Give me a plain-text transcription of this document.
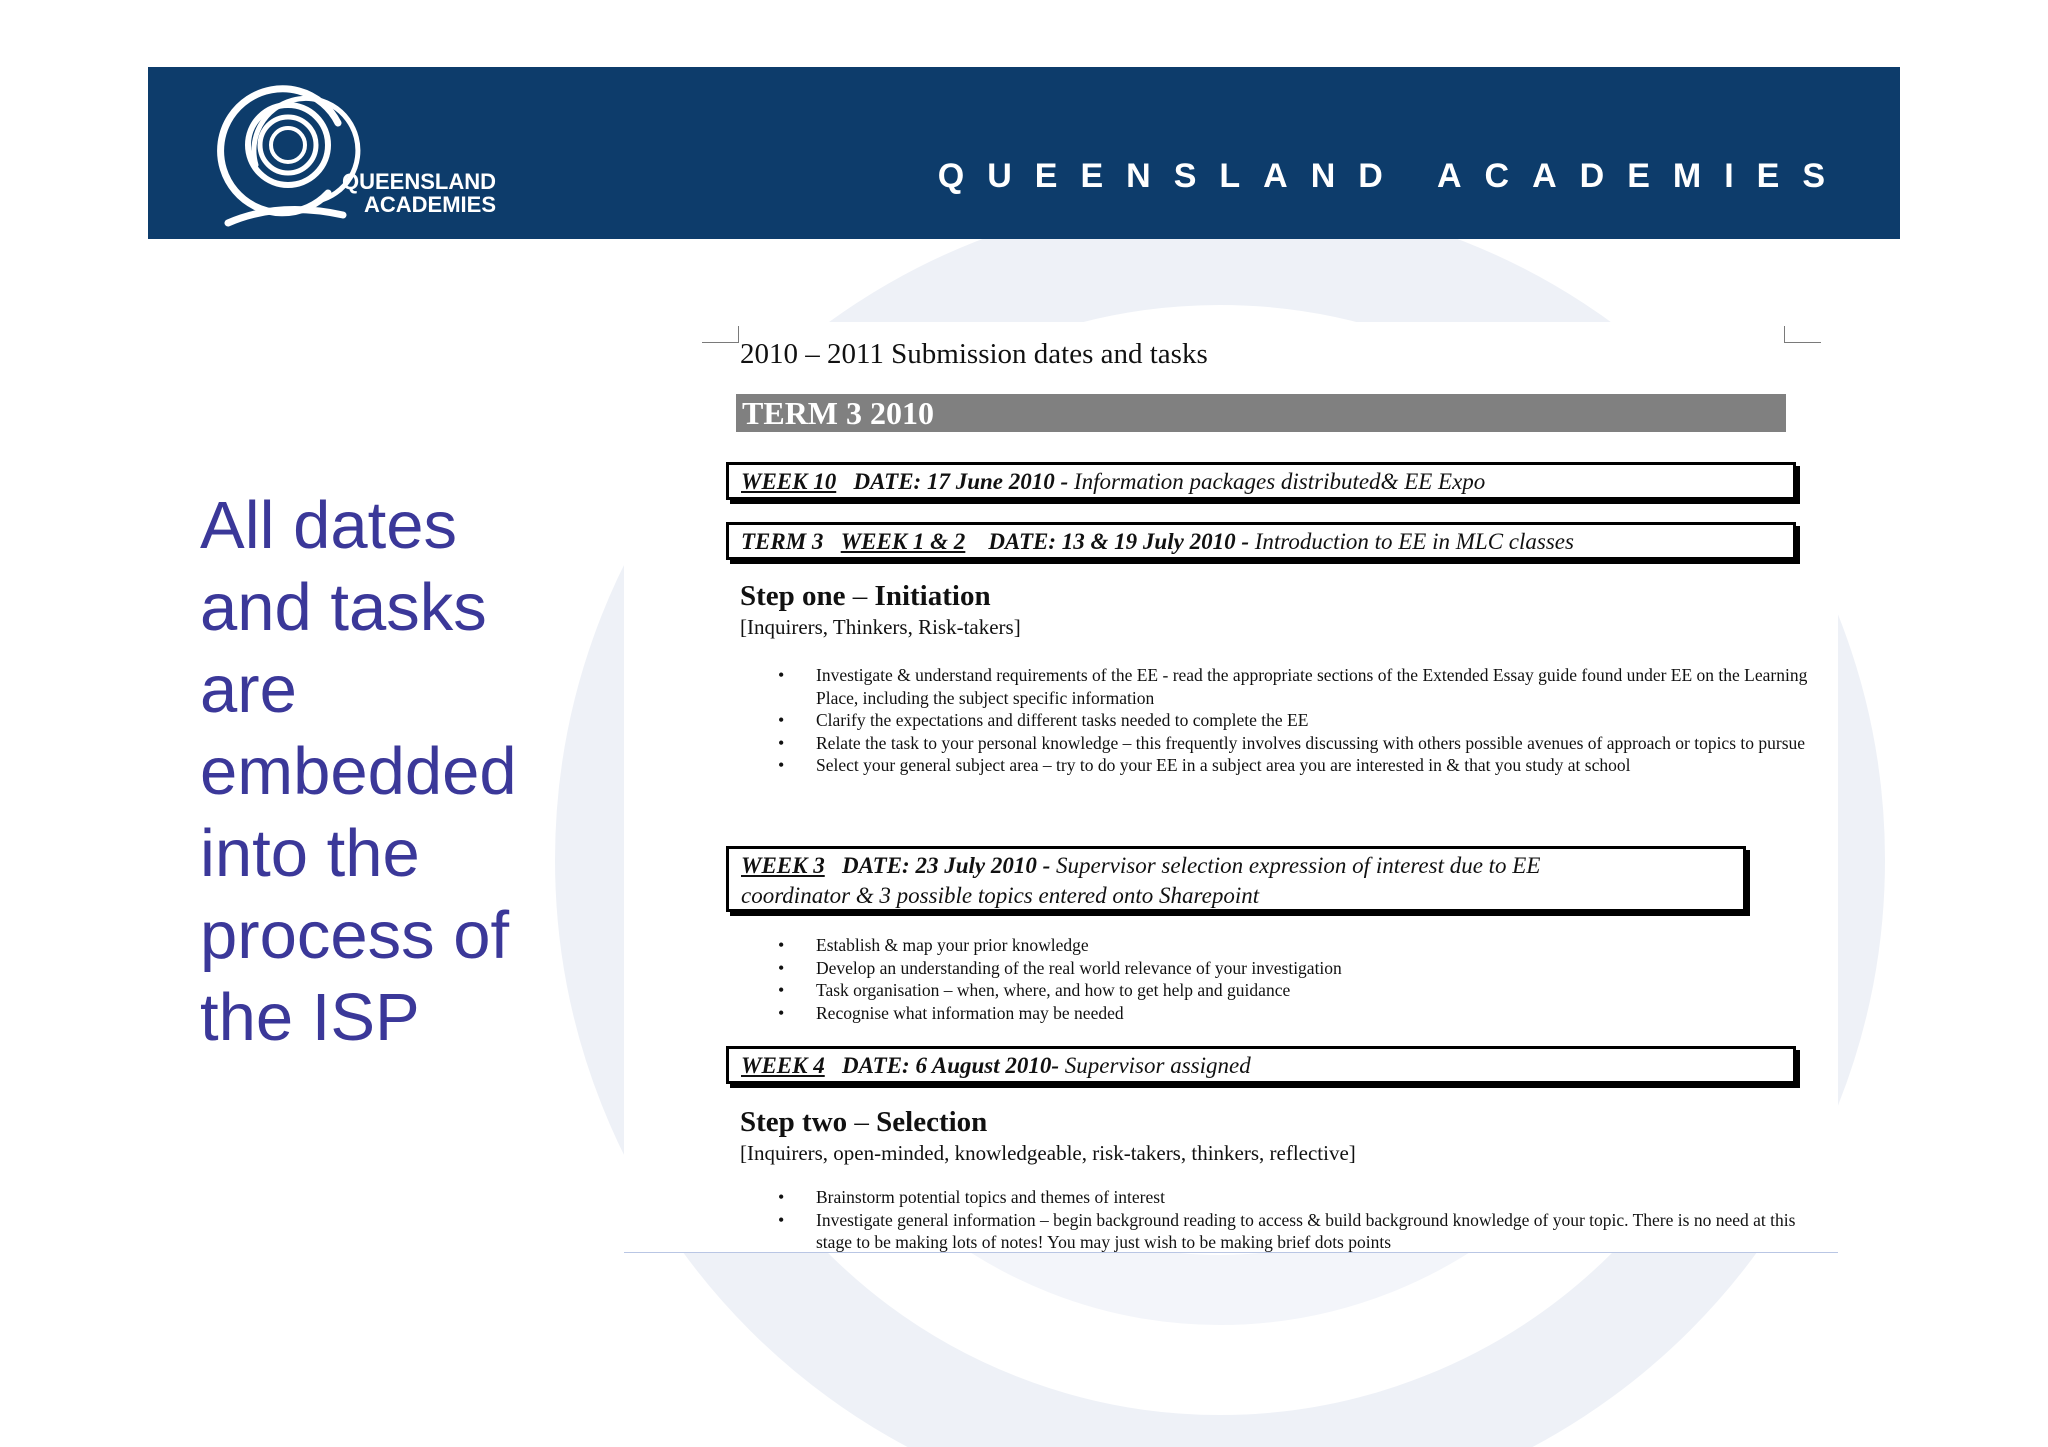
QUEENSLAND
ACADEMIES
QUEENSLAND ACADEMIES
All dates
and tasks
are
embedded
into the
process of
the ISP
2010 – 2011 Submission dates and tasks
TERM 3 2010
WEEK 10 DATE: 17 June 2010 - Information packages distributed& EE Expo
TERM 3 WEEK 1 & 2 DATE: 13 & 19 July 2010 - Introduction to EE in MLC classes
Step one – Initiation
[Inquirers, Thinkers, Risk-takers]
• Investigate & understand requirements of the EE - read the appropriate sections of the Extended Essay guide found under EE on the Learning Place, including the subject specific information
• Clarify the expectations and different tasks needed to complete the EE
• Relate the task to your personal knowledge – this frequently involves discussing with others possible avenues of approach or topics to pursue
• Select your general subject area – try to do your EE in a subject area you are interested in & that you study at school
WEEK 3 DATE: 23 July 2010 - Supervisor selection expression of interest due to EE
coordinator & 3 possible topics entered onto Sharepoint
• Establish & map your prior knowledge
• Develop an understanding of the real world relevance of your investigation
• Task organisation – when, where, and how to get help and guidance
• Recognise what information may be needed
WEEK 4 DATE: 6 August 2010- Supervisor assigned
Step two – Selection
[Inquirers, open-minded, knowledgeable, risk-takers, thinkers, reflective]
• Brainstorm potential topics and themes of interest
• Investigate general information – begin background reading to access & build background knowledge of your topic. There is no need at this stage to be making lots of notes! You may just wish to be making brief dots points
